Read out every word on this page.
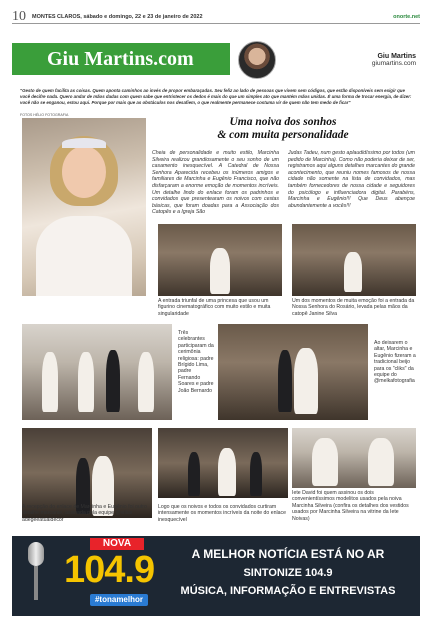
10 MONTES CLAROS, sábado e domingo, 22 e 23 de janeiro de 2022	onorte.net
Giu Martins.com	Giu Martins
giumartins.com
"Gesto de quem facilita as coisas. Quem aponta caminhos ao invés de propor embaraçadas. Seu feliz ao lado de pessoas que vivem sem códigos, que estão disponíveis sem exigir que você decifre nada. Quero andar de mãos dadas com quem sabe que entristecer os dedos é mais do que um simples ato que mantém mãos unidas. É uma forma de trocar energia, de dizer: você não se enganou, estou aqui. Porque por mais que as obstáculos nos desafiem, o que realmente permanece costuma vir de quem não tem medo de ficar"
FOTOS HÉLIO FOTOGRAFIA
Uma noiva dos sonhos
& com muita personalidade
Cheia de personalidade e muito estilo, Marcinha Silveira realizou grandiosamente o seu sonho de um casamento inesquecível. A Catedral de Nossa Senhora Aparecida recebeu os inúmeros amigos e familiares de Marcinha e Eugênio Francisco, que não disfarçaram a enorme emoção de momentos incríveis. Um detalhe lindo do enlace foram os padrinhos e convidados que presentearam os noivos com cestas básicas, que foram doadas para a Associação dos Catopês e a Igreja São
Judas Tadeu, num gesto aplaudidíssimo por todos (um pedido de Marcinha). Como não poderia deixar de ser, registramos aqui alguns detalhes marcantes do grande acontecimento, que reuniu nomes famosos de nossa cidade não somente na lista de convidados, mas também fornecedores de nossa cidade e seguidores do psicólogo e influenciadora digital. Parabéns, Marcinha e Eugênio!!! Que Deus abençoe abundantemente a vocês!!!
A entrada triunfal de uma princesa que usou um figurino cinematográfico com muito estilo e muita singularidade
Um dos momentos de muita emoção foi a entrada da Nossa Senhora do Rosário, levada pelas mãos da catopê Janine Silva
Três celebrantes participaram da cerimônia religiosa: padre Brígido Lima, padre Fernando Soares e padre João Bernardo
Ao deixarem o altar, Marcinha e Eugênio fizeram a tradicional beijo para os "cliks" da equipe do @melkafotografia
A recepção do enlace de Marcinha e Eugênio foi outro detalhe marcante, assinada pela equipe @villus adegeeatualdecor
Logo que os noivos e todos os convidados curtiram intensamente os momentos incríveis da noite do enlace inesquecível
Iete David foi quem assinou os dois convenientíssimos modelitos usados pela noiva Marcinha Silveira (confira os detalhes dos vestidos usados por Marcinha Silveira na vitrine da Iete Noivas)
NOVA
104.9
#tonamelhor
A MELHOR NOTÍCIA ESTÁ NO AR
SINTONIZE 104.9
MÚSICA, INFORMAÇÃO E ENTREVISTAS
